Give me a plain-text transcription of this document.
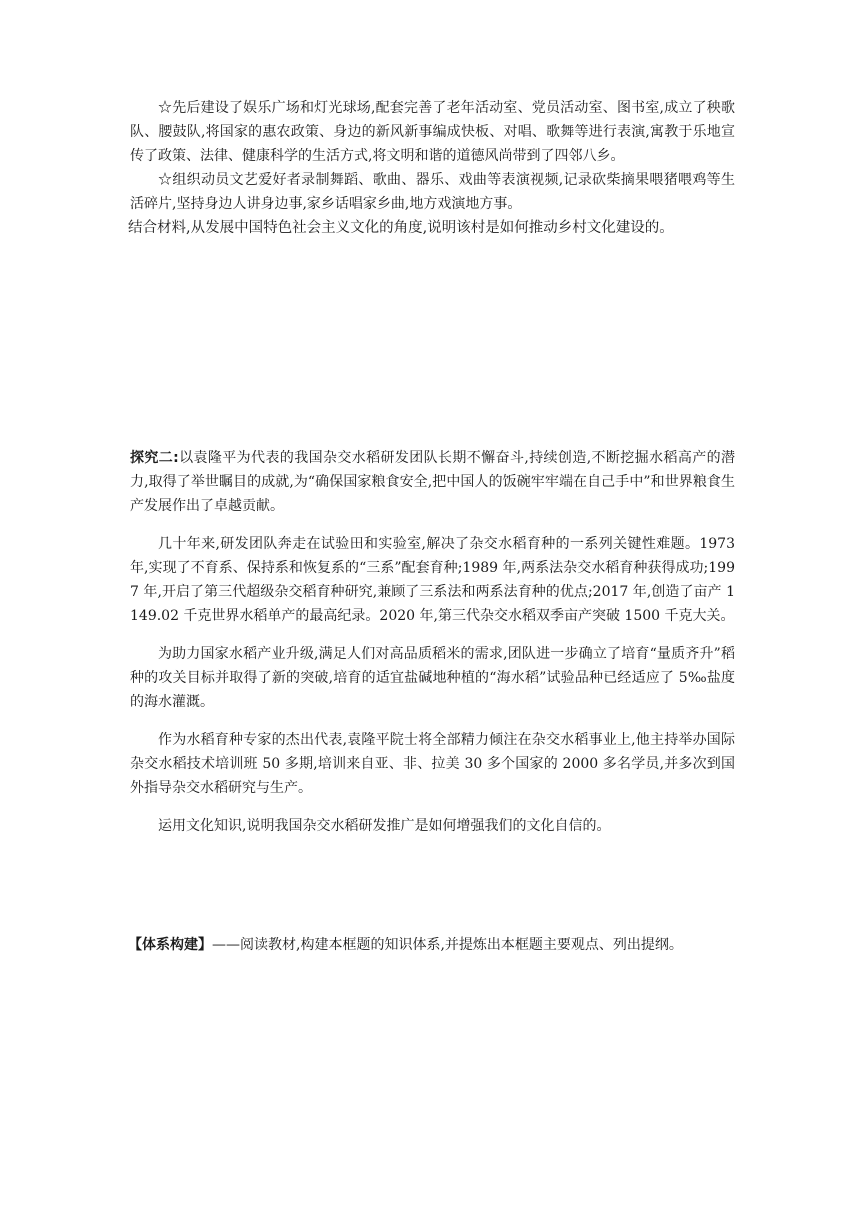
☆先后建设了娱乐广场和灯光球场,配套完善了老年活动室、党员活动室、图书室,成立了秧歌队、腰鼓队,将国家的惠农政策、身边的新风新事编成快板、对唱、歌舞等进行表演,寓教于乐地宣传了政策、法律、健康科学的生活方式,将文明和谐的道德风尚带到了四邻八乡。

☆组织动员文艺爱好者录制舞蹈、歌曲、器乐、戏曲等表演视频,记录砍柴摘果喂猪喂鸡等生活碎片,坚持身边人讲身边事,家乡话唱家乡曲,地方戏演地方事。

结合材料,从发展中国特色社会主义文化的角度,说明该村是如何推动乡村文化建设的。

探究二:以袁隆平为代表的我国杂交水稻研发团队长期不懈奋斗,持续创造,不断挖掘水稻高产的潜力,取得了举世瞩目的成就,为“确保国家粮食安全,把中国人的饭碗牢牢端在自己手中”和世界粮食生产发展作出了卓越贡献。

几十年来,研发团队奔走在试验田和实验室,解决了杂交水稻育种的一系列关键性难题。1973 年,实现了不育系、保持系和恢复系的“三系”配套育种;1989 年,两系法杂交水稻育种获得成功;1997 年,开启了第三代超级杂交稻育种研究,兼顾了三系法和两系法育种的优点;2017 年,创造了亩产 1149.02 千克世界水稻单产的最高纪录。2020 年,第三代杂交水稻双季亩产突破 1500 千克大关。

为助力国家水稻产业升级,满足人们对高品质稻米的需求,团队进一步确立了培育“量质齐升”稻种的攻关目标并取得了新的突破,培育的适宜盐碱地种植的“海水稻”试验品种已经适应了 5‰盐度的海水灌溉。

作为水稻育种专家的杰出代表,袁隆平院士将全部精力倾注在杂交水稻事业上,他主持举办国际杂交水稻技术培训班 50 多期,培训来自亚、非、拉美 30 多个国家的 2000 多名学员,并多次到国外指导杂交水稻研究与生产。

运用文化知识,说明我国杂交水稻研发推广是如何增强我们的文化自信的。

【体系构建】——阅读教材,构建本框题的知识体系,并提炼出本框题主要观点、列出提纲。
